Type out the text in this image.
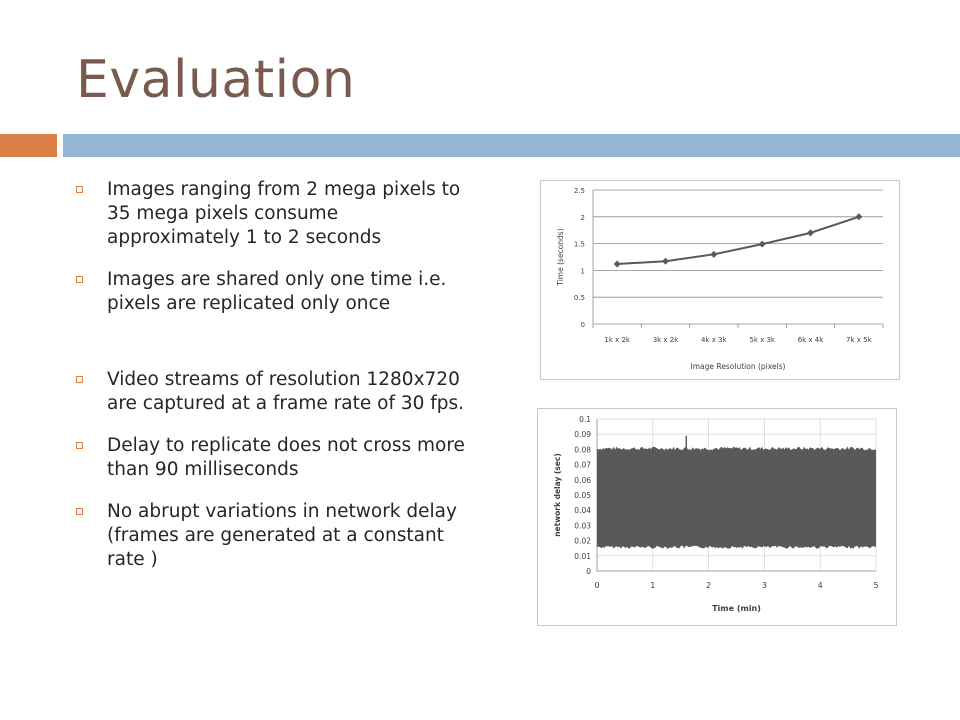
Evaluation
Images ranging from 2 mega pixels to 35 mega pixels consume approximately 1 to 2 seconds
Images are shared only one time i.e. pixels are replicated only once
Video streams of resolution 1280x720 are captured at a frame rate of 30 fps.
Delay to replicate does not cross more than 90 milliseconds
No abrupt variations in network delay (frames are generated at a constant rate )
0
0.5
1
1.5
2
2.5
1k x 2k	3k x 2k	4k x 3k	5k x 3k	6k x 4k	7k x 5k
Image Resolution (pixels)
Time (seconds)
0
0.01
0.02
0.03
0.04
0.05
0.06
0.07
0.08
0.09
0.1
0	1	2	3	4	5
Time (min)
network delay (sec)
